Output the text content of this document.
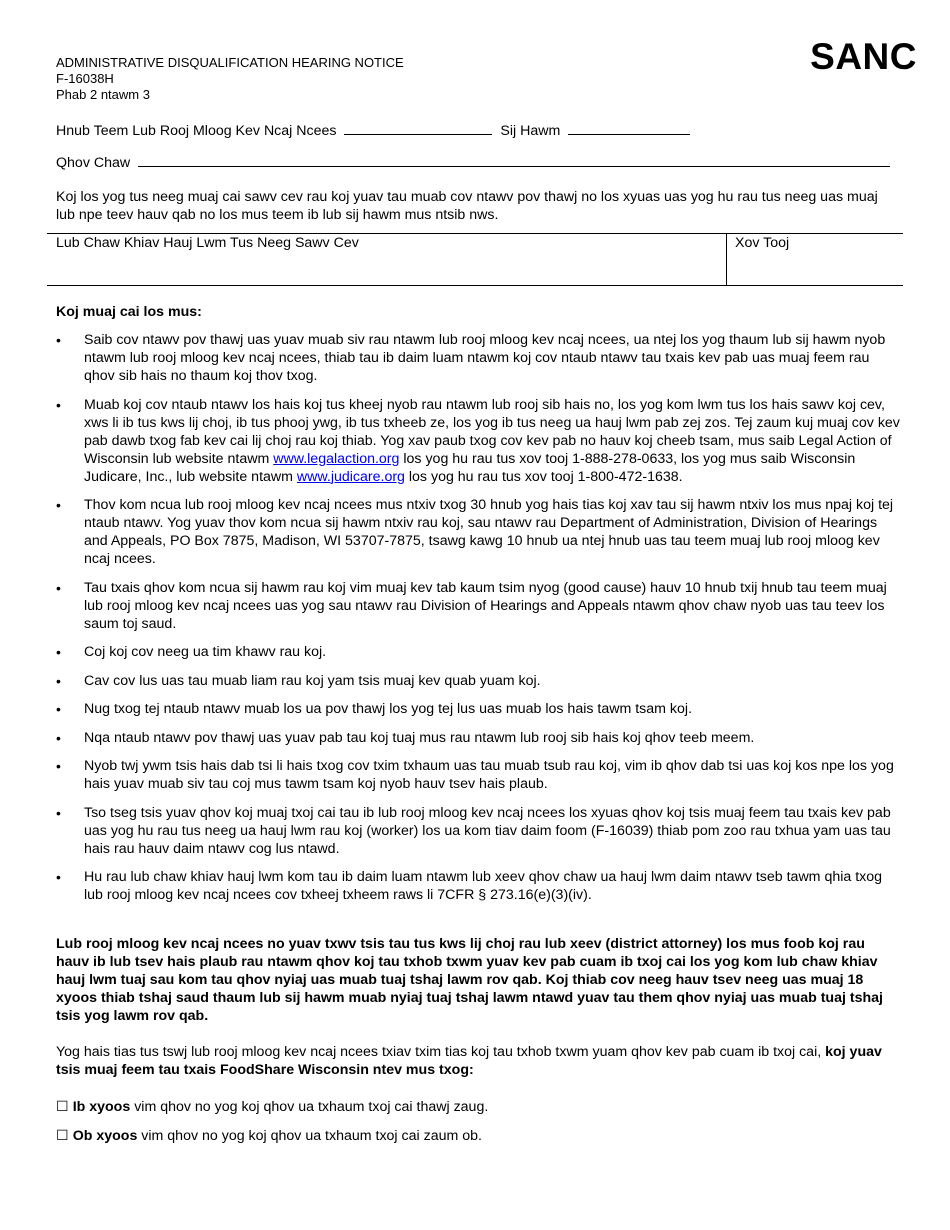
ADMINISTRATIVE DISQUALIFICATION HEARING NOTICE
F-16038H
Phab 2 ntawm 3
SANC
Hnub Teem Lub Rooj Mloog Kev Ncaj Ncees	Sij Hawm
Qhov Chaw
Koj los yog tus neeg muaj cai sawv cev rau koj yuav tau muab cov ntawv pov thawj no los xyuas uas yog hu rau tus neeg uas muaj lub npe teev hauv qab no los mus teem ib lub sij hawm mus ntsib nws.
Lub Chaw Khiav Hauj Lwm Tus Neeg Sawv Cev	Xov Tooj
Koj muaj cai los mus:
• Saib cov ntawv pov thawj uas yuav muab siv rau ntawm lub rooj mloog kev ncaj ncees, ua ntej los yog thaum lub sij hawm nyob ntawm lub rooj mloog kev ncaj ncees, thiab tau ib daim luam ntawm koj cov ntaub ntawv tau txais kev pab uas muaj feem rau qhov sib hais no thaum koj thov txog.
• Muab koj cov ntaub ntawv los hais koj tus kheej nyob rau ntawm lub rooj sib hais no, los yog kom lwm tus los hais sawv koj cev, xws li ib tus kws lij choj, ib tus phooj ywg, ib tus txheeb ze, los yog ib tus neeg ua hauj lwm pab zej zos. Tej zaum kuj muaj cov kev pab dawb txog fab kev cai lij choj rau koj thiab. Yog xav paub txog cov kev pab no hauv koj cheeb tsam, mus saib Legal Action of Wisconsin lub website ntawm www.legalaction.org los yog hu rau tus xov tooj 1-888-278-0633, los yog mus saib Wisconsin Judicare, Inc., lub website ntawm www.judicare.org los yog hu rau tus xov tooj 1-800-472-1638.
• Thov kom ncua lub rooj mloog kev ncaj ncees mus ntxiv txog 30 hnub yog hais tias koj xav tau sij hawm ntxiv los mus npaj koj tej ntaub ntawv. Yog yuav thov kom ncua sij hawm ntxiv rau koj, sau ntawv rau Department of Administration, Division of Hearings and Appeals, PO Box 7875, Madison, WI 53707-7875, tsawg kawg 10 hnub ua ntej hnub uas tau teem muaj lub rooj mloog kev ncaj ncees.
• Tau txais qhov kom ncua sij hawm rau koj vim muaj kev tab kaum tsim nyog (good cause) hauv 10 hnub txij hnub tau teem muaj lub rooj mloog kev ncaj ncees uas yog sau ntawv rau Division of Hearings and Appeals ntawm qhov chaw nyob uas tau teev los saum toj saud.
• Coj koj cov neeg ua tim khawv rau koj.
• Cav cov lus uas tau muab liam rau koj yam tsis muaj kev quab yuam koj.
• Nug txog tej ntaub ntawv muab los ua pov thawj los yog tej lus uas muab los hais tawm tsam koj.
• Nqa ntaub ntawv pov thawj uas yuav pab tau koj tuaj mus rau ntawm lub rooj sib hais koj qhov teeb meem.
• Nyob twj ywm tsis hais dab tsi li hais txog cov txim txhaum uas tau muab tsub rau koj, vim ib qhov dab tsi uas koj kos npe los yog hais yuav muab siv tau coj mus tawm tsam koj nyob hauv tsev hais plaub.
• Tso tseg tsis yuav qhov koj muaj txoj cai tau ib lub rooj mloog kev ncaj ncees los xyuas qhov koj tsis muaj feem tau txais kev pab uas yog hu rau tus neeg ua hauj lwm rau koj (worker) los ua kom tiav daim foom (F-16039) thiab pom zoo rau txhua yam uas tau hais rau hauv daim ntawv cog lus ntawd.
• Hu rau lub chaw khiav hauj lwm kom tau ib daim luam ntawm lub xeev qhov chaw ua hauj lwm daim ntawv tseb tawm qhia txog lub rooj mloog kev ncaj ncees cov txheej txheem raws li 7CFR § 273.16(e)(3)(iv).
Lub rooj mloog kev ncaj ncees no yuav txwv tsis tau tus kws lij choj rau lub xeev (district attorney) los mus foob koj rau hauv ib lub tsev hais plaub rau ntawm qhov koj tau txhob txwm yuav kev pab cuam ib txoj cai los yog kom lub chaw khiav hauj lwm tuaj sau kom tau qhov nyiaj uas muab tuaj tshaj lawm rov qab. Koj thiab cov neeg hauv tsev neeg uas muaj 18 xyoos thiab tshaj saud thaum lub sij hawm muab nyiaj tuaj tshaj lawm ntawd yuav tau them qhov nyiaj uas muab tuaj tshaj tsis yog lawm rov qab.
Yog hais tias tus tswj lub rooj mloog kev ncaj ncees txiav txim tias koj tau txhob txwm yuam qhov kev pab cuam ib txoj cai, koj yuav tsis muaj feem tau txais FoodShare Wisconsin ntev mus txog:
☐ Ib xyoos vim qhov no yog koj qhov ua txhaum txoj cai thawj zaug.
☐ Ob xyoos vim qhov no yog koj qhov ua txhaum txoj cai zaum ob.
